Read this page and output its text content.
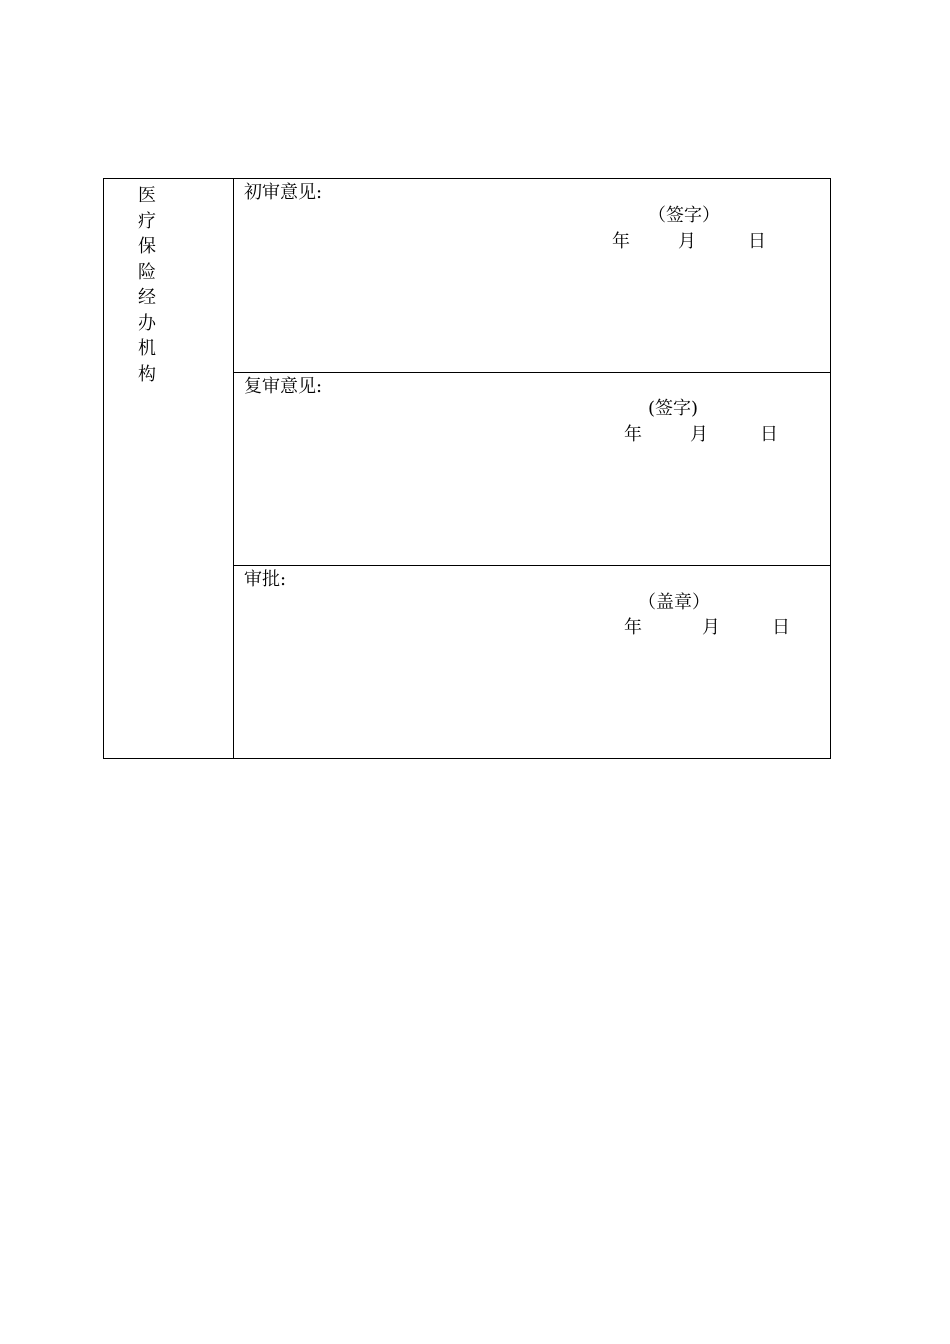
医
疗
保
险
经
办
机
构
初审意见:
（签字）
年	月	日
复审意见:
(签字)
年	月	日
审批:
（盖章）
年	月	日
